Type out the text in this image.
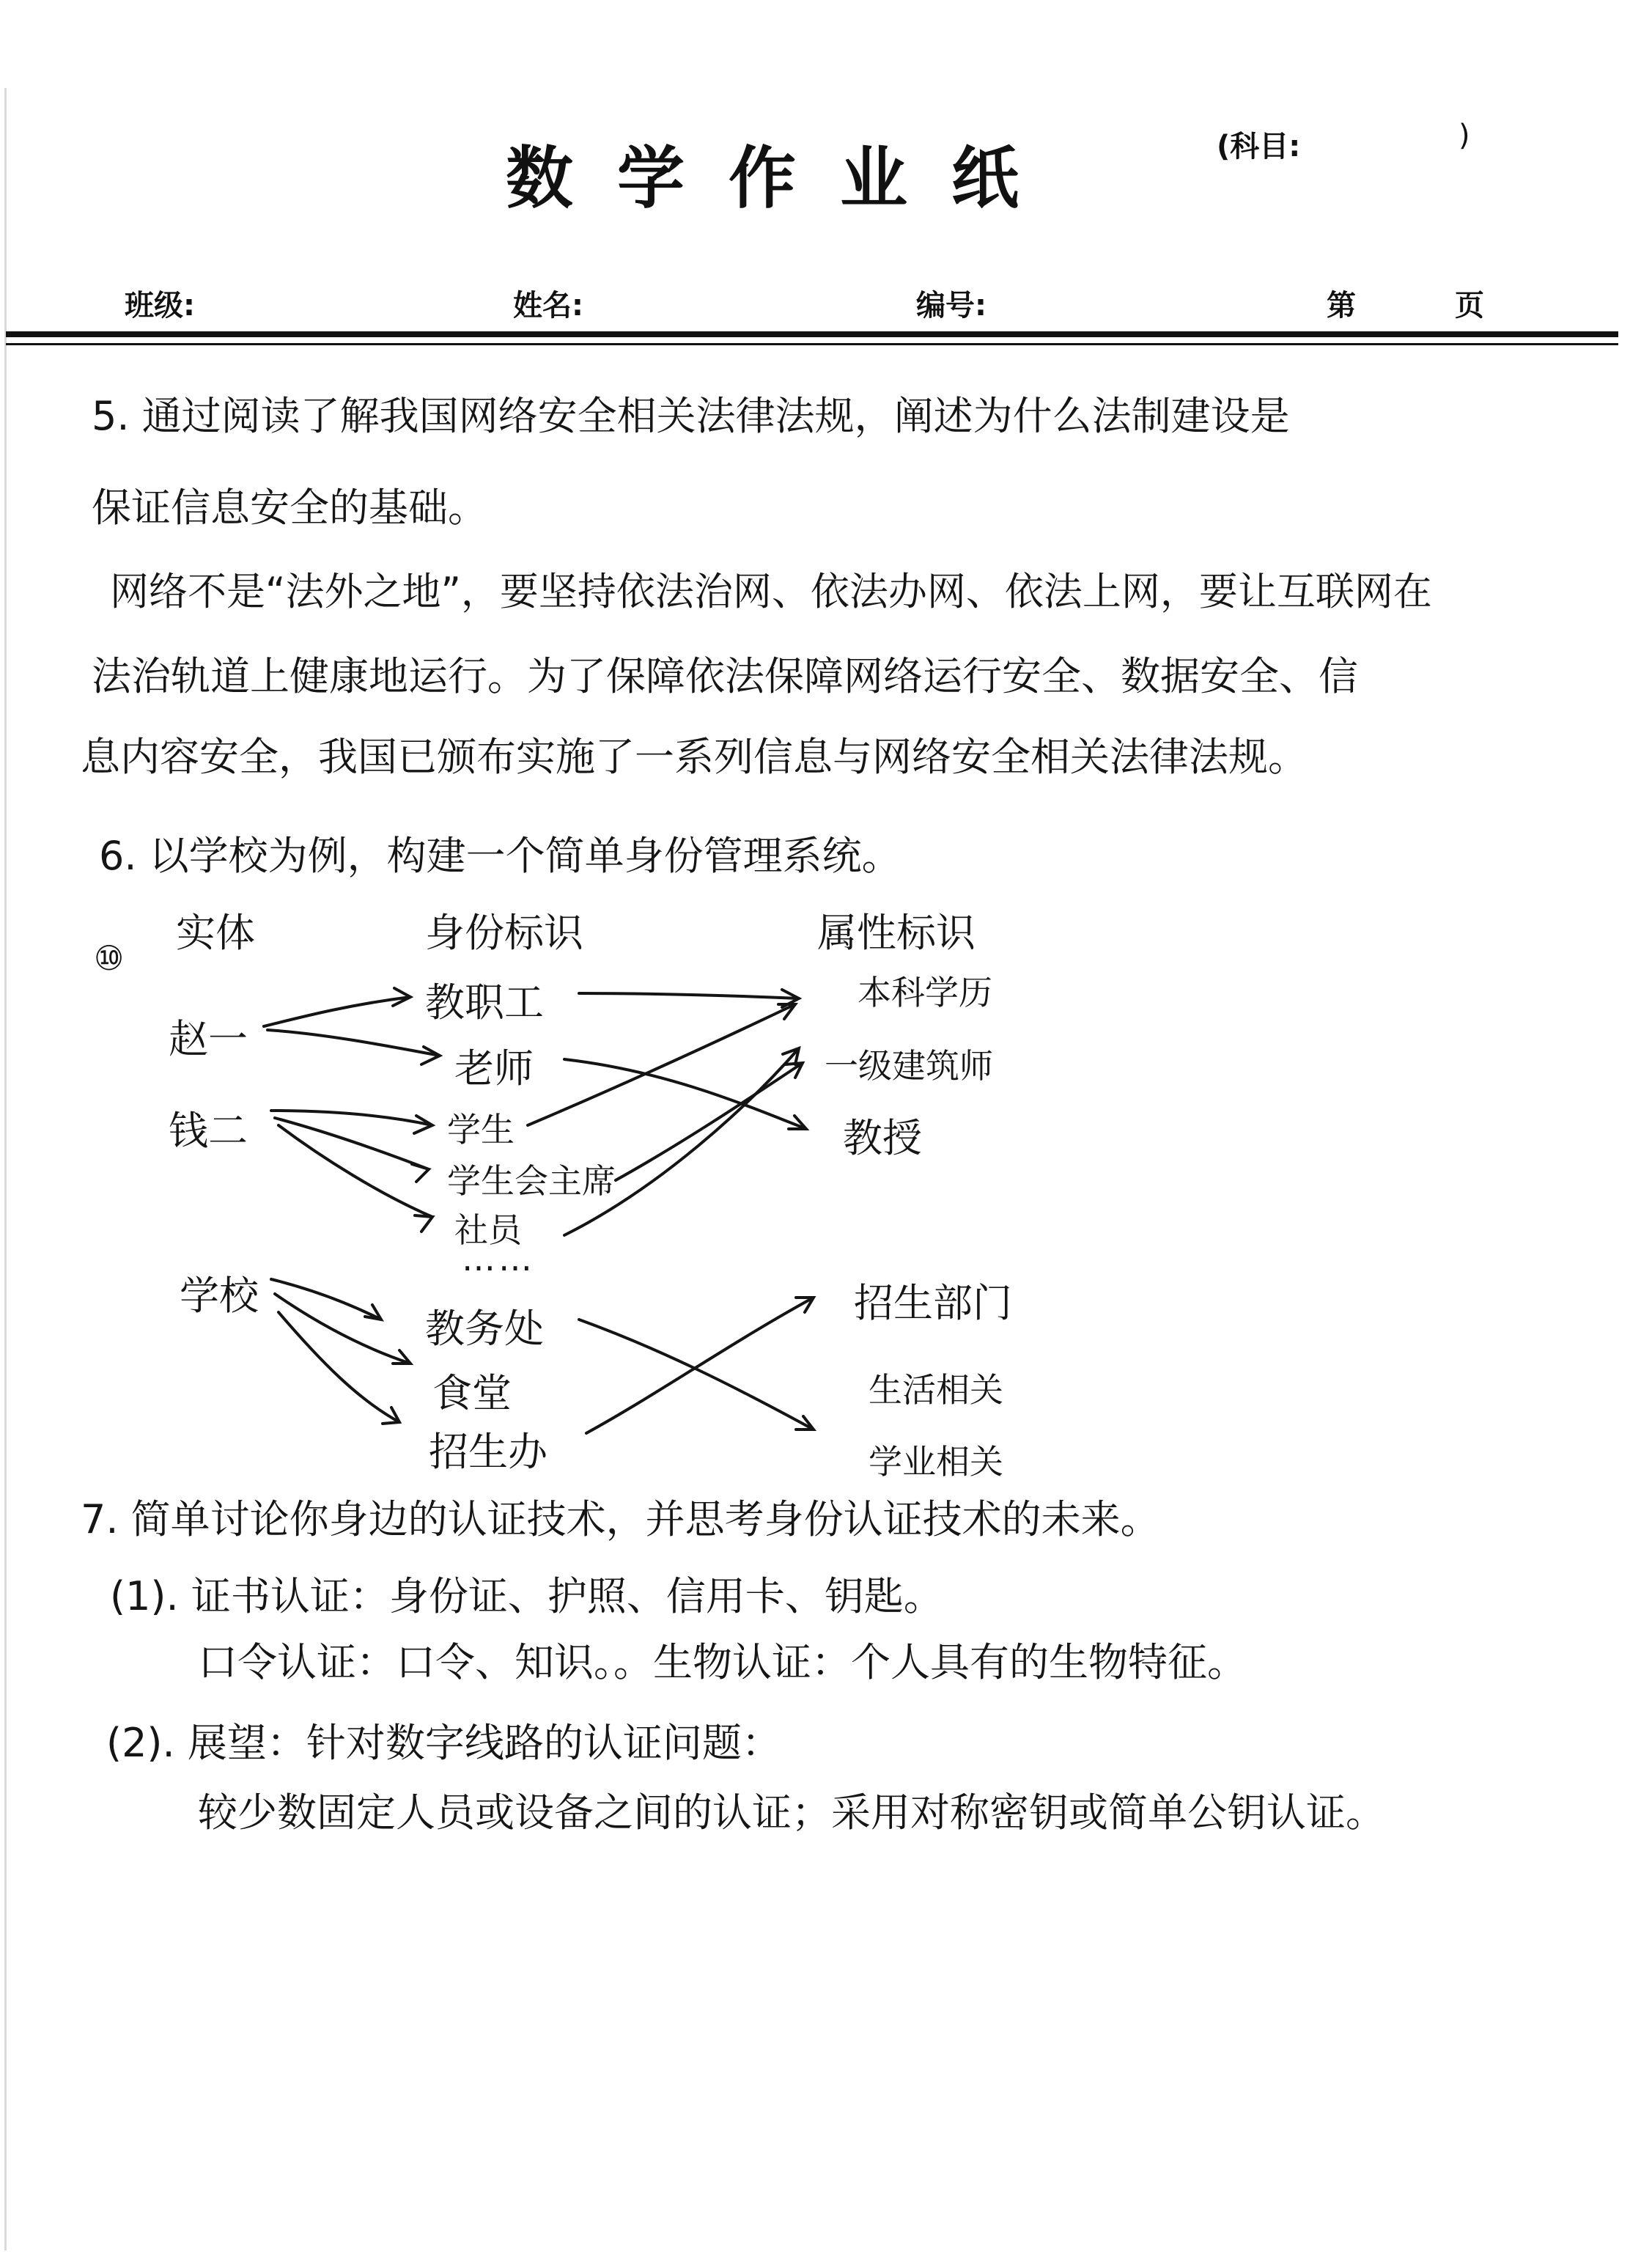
数学作业纸	(科目:	)
班级:	姓名:	编号:	第	页
5. 通过阅读了解我国网络安全相关法律法规，阐述为什么法制建设是
保证信息安全的基础。
网络不是“法外之地”，要坚持依法治网、依法办网、依法上网，要让互联网在
法治轨道上健康地运行。为了保障依法保障网络运行安全、数据安全、信
息内容安全，我国已颁布实施了一系列信息与网络安全相关法律法规。
6. 以学校为例，构建一个简单身份管理系统。
⑩
实体	身份标识	属性标识
赵一
钱二
学校
教职工
老师
学生
学生会主席
社员
……
教务处
食堂
招生办
本科学历
一级建筑师
教授
招生部门
生活相关
学业相关
7. 简单讨论你身边的认证技术，并思考身份认证技术的未来。
(1). 证书认证：身份证、护照、信用卡、钥匙。
口令认证：口令、知识。。生物认证：个人具有的生物特征。
(2). 展望：针对数字线路的认证问题：
较少数固定人员或设备之间的认证；采用对称密钥或简单公钥认证。
